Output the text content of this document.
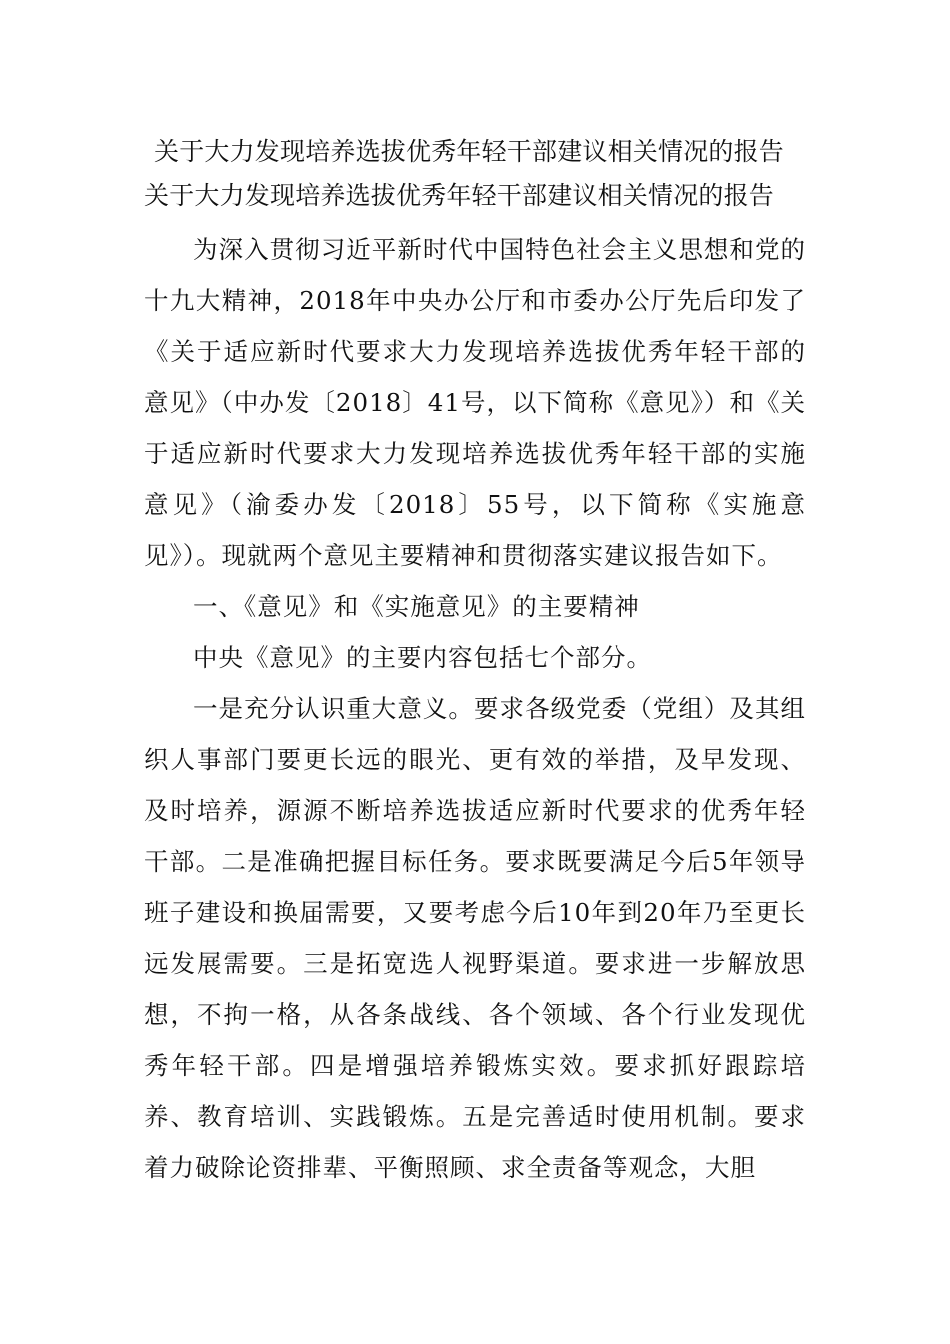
关于大力发现培养选拔优秀年轻干部建议相关情况的报告

关于大力发现培养选拔优秀年轻干部建议相关情况的报告

为深入贯彻习近平新时代中国特色社会主义思想和党的十九大精神，2018年中央办公厅和市委办公厅先后印发了《关于适应新时代要求大力发现培养选拔优秀年轻干部的意见》（中办发〔2018〕41号，以下简称《意见》）和《关于适应新时代要求大力发现培养选拔优秀年轻干部的实施意见》（渝委办发〔2018〕55号，以下简称《实施意见》）。现就两个意见主要精神和贯彻落实建议报告如下。

一、《意见》和《实施意见》的主要精神

中央《意见》的主要内容包括七个部分。

一是充分认识重大意义。要求各级党委（党组）及其组织人事部门要更长远的眼光、更有效的举措，及早发现、及时培养，源源不断培养选拔适应新时代要求的优秀年轻干部。二是准确把握目标任务。要求既要满足今后5年领导班子建设和换届需要，又要考虑今后10年到20年乃至更长远发展需要。三是拓宽选人视野渠道。要求进一步解放思想，不拘一格，从各条战线、各个领域、各个行业发现优秀年轻干部。四是增强培养锻炼实效。要求抓好跟踪培养、教育培训、实践锻炼。五是完善适时使用机制。要求着力破除论资排辈、平衡照顾、求全责备等观念，大胆
